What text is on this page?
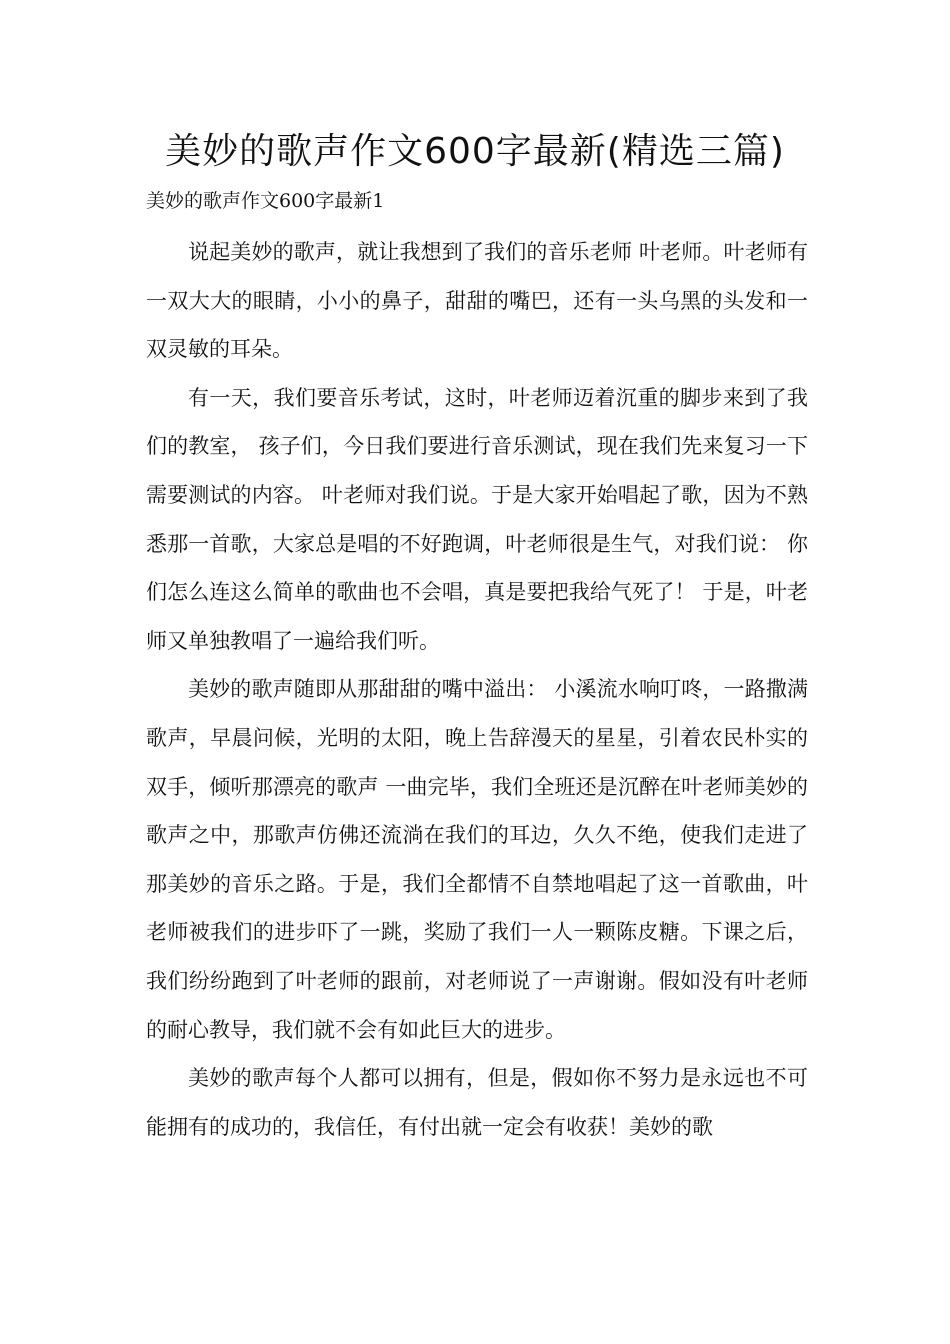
美妙的歌声作文600字最新(精选三篇)
美妙的歌声作文600字最新1

说起美妙的歌声，就让我想到了我们的音乐老师 叶老师。叶老师有一双大大的眼睛，小小的鼻子，甜甜的嘴巴，还有一头乌黑的头发和一双灵敏的耳朵。

有一天，我们要音乐考试，这时，叶老师迈着沉重的脚步来到了我们的教室， 孩子们，今日我们要进行音乐测试，现在我们先来复习一下需要测试的内容。 叶老师对我们说。于是大家开始唱起了歌，因为不熟悉那一首歌，大家总是唱的不好跑调，叶老师很是生气，对我们说： 你们怎么连这么简单的歌曲也不会唱，真是要把我给气死了！ 于是，叶老师又单独教唱了一遍给我们听。

美妙的歌声随即从那甜甜的嘴中溢出： 小溪流水响叮咚，一路撒满歌声，早晨问候，光明的太阳，晚上告辞漫天的星星，引着农民朴实的双手，倾听那漂亮的歌声 一曲完毕，我们全班还是沉醉在叶老师美妙的歌声之中，那歌声仿佛还流淌在我们的耳边，久久不绝，使我们走进了那美妙的音乐之路。于是，我们全都情不自禁地唱起了这一首歌曲，叶老师被我们的进步吓了一跳，奖励了我们一人一颗陈皮糖。下课之后，我们纷纷跑到了叶老师的跟前，对老师说了一声谢谢。假如没有叶老师的耐心教导，我们就不会有如此巨大的进步。

美妙的歌声每个人都可以拥有，但是，假如你不努力是永远也不可能拥有的成功的，我信任，有付出就一定会有收获！美妙的歌
